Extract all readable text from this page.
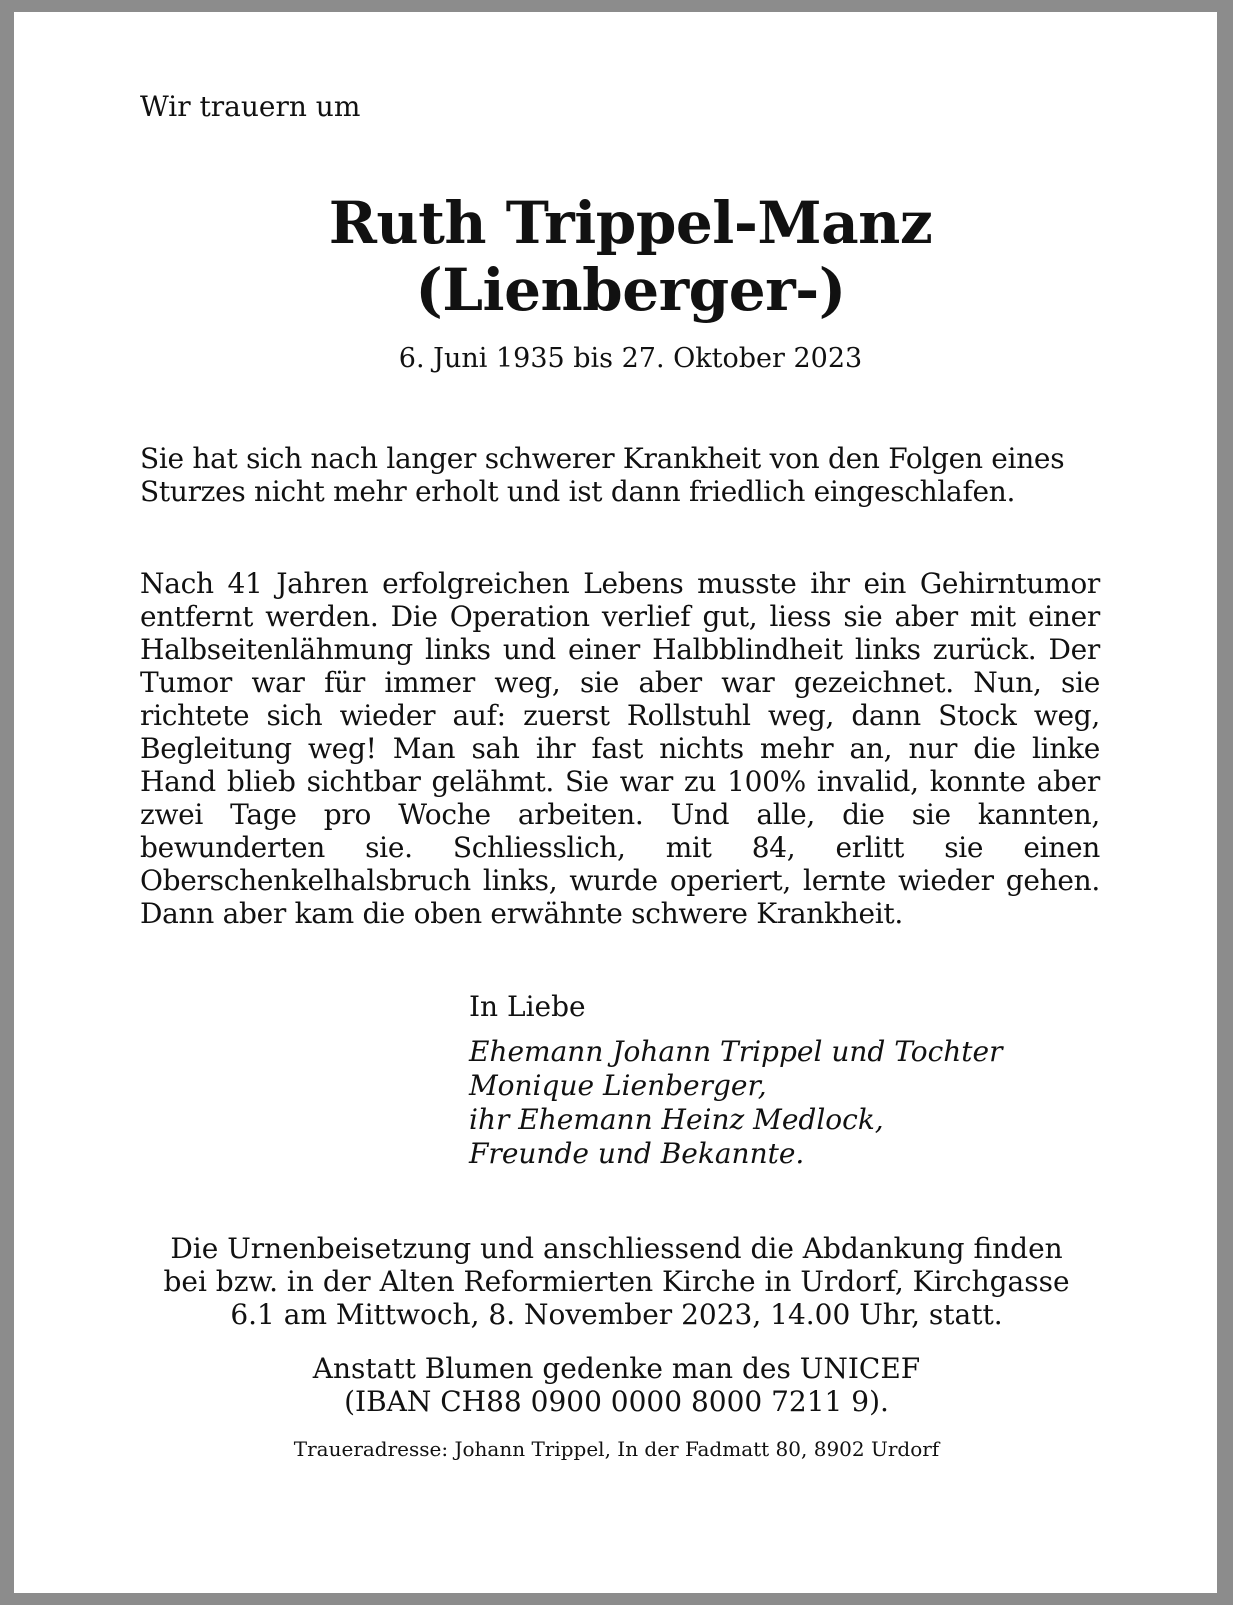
Wir trauern um
Ruth Trippel-Manz
(Lienberger-)
6. Juni 1935 bis 27. Oktober 2023
Sie hat sich nach langer schwerer Krankheit von den Folgen eines Sturzes nicht mehr erholt und ist dann friedlich eingeschlafen.
Nach 41 Jahren erfolgreichen Lebens musste ihr ein Gehirntumor entfernt werden. Die Operation verlief gut, liess sie aber mit einer Halbseitenlähmung links und einer Halbblindheit links zurück. Der Tumor war für immer weg, sie aber war gezeichnet. Nun, sie richtete sich wieder auf: zuerst Rollstuhl weg, dann Stock weg, Begleitung weg! Man sah ihr fast nichts mehr an, nur die linke Hand blieb sichtbar gelähmt. Sie war zu 100% invalid, konnte aber zwei Tage pro Woche arbeiten. Und alle, die sie kannten, bewunderten sie. Schliesslich, mit 84, erlitt sie einen Oberschenkelhalsbruch links, wurde operiert, lernte wieder gehen. Dann aber kam die oben erwähnte schwere Krankheit.
In Liebe
Ehemann Johann Trippel und Tochter
Monique Lienberger,
ihr Ehemann Heinz Medlock,
Freunde und Bekannte.
Die Urnenbeisetzung und anschliessend die Abdankung finden
bei bzw. in der Alten Reformierten Kirche in Urdorf, Kirchgasse
6.1 am Mittwoch, 8. November 2023, 14.00 Uhr, statt.
Anstatt Blumen gedenke man des UNICEF
(IBAN CH88 0900 0000 8000 7211 9).
Traueradresse: Johann Trippel, In der Fadmatt 80, 8902 Urdorf
